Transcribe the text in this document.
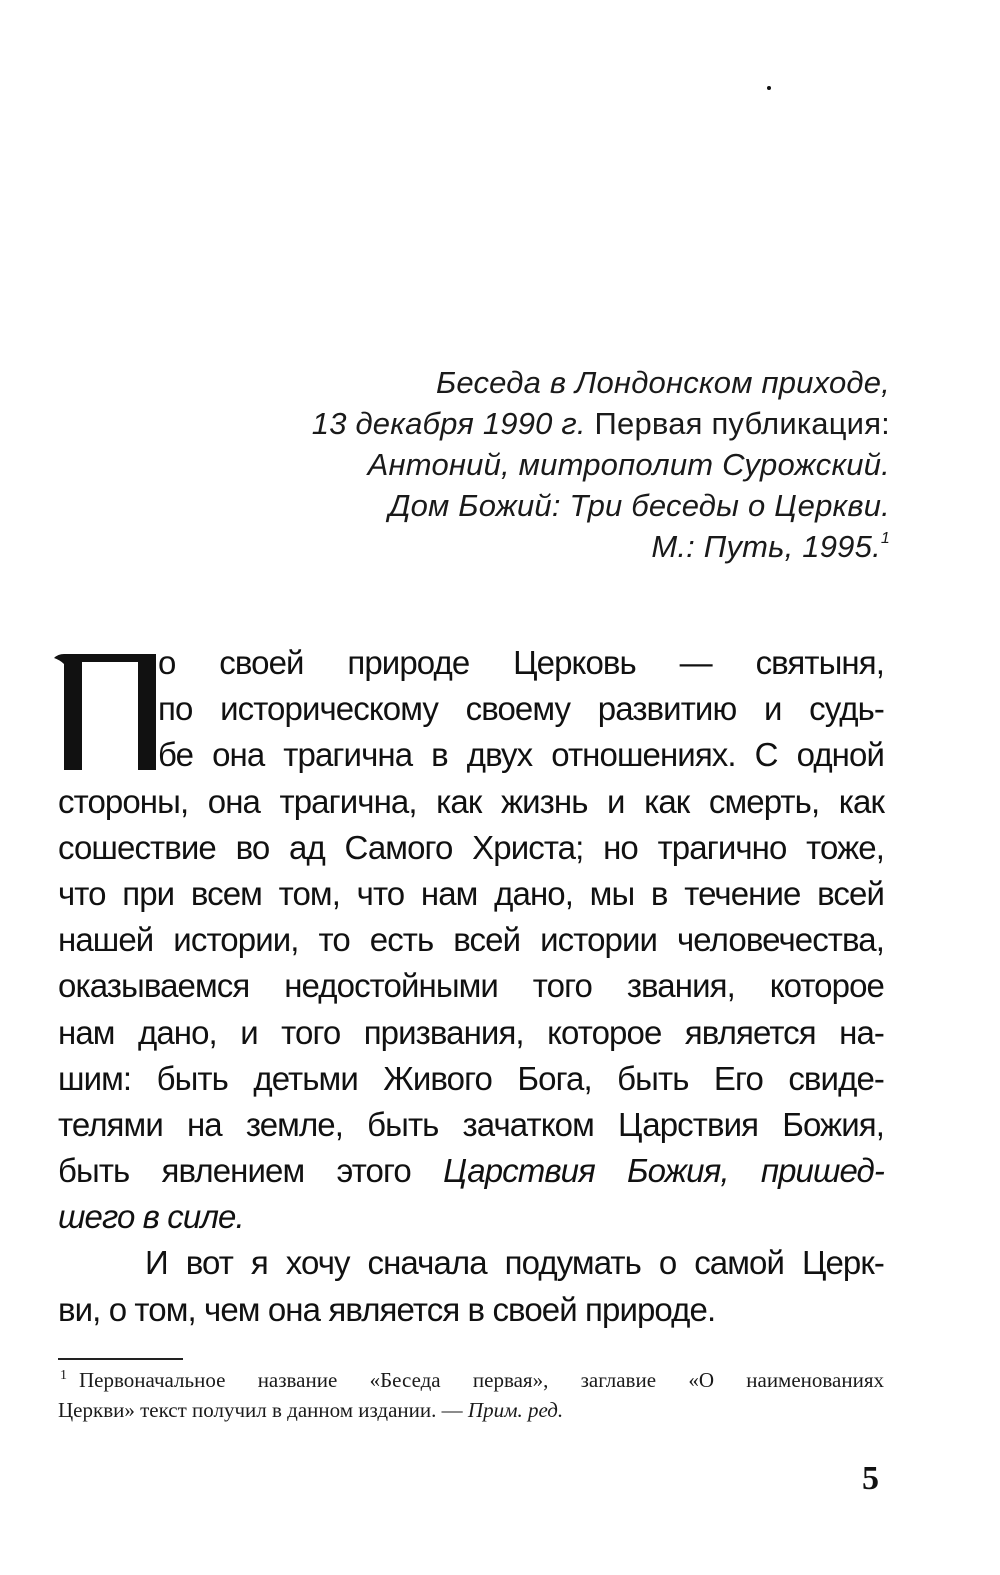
Беседа в Лондонском приходе,
13 декабря 1990 г. Первая публикация:
Антоний, митрополит Сурожский.
Дом Божий: Три беседы о Церкви.
М.: Путь, 1995.$^1$
о своей природе Церковь — святыня,
по историческому своему развитию и судь-
бе она трагична в двух отношениях. С одной
стороны, она трагична, как жизнь и как смерть, как
сошествие во ад Самого Христа; но трагично тоже,
что при всем том, что нам дано, мы в течение всей
нашей истории, то есть всей истории человечества,
оказываемся недостойными того звания, которое
нам дано, и того призвания, которое является на-
шим: быть детьми Живого Бога, быть Его свиде-
телями на земле, быть зачатком Царствия Божия,
быть явлением этого Царствия Божия, пришед-
шего в силе.
И вот я хочу сначала подумать о самой Церк-
ви, о том, чем она является в своей природе.
$^1$ Первоначальное название «Беседа первая», заглавие «О наименованиях
Церкви» текст получил в данном издании. — Прим. ред.
5
